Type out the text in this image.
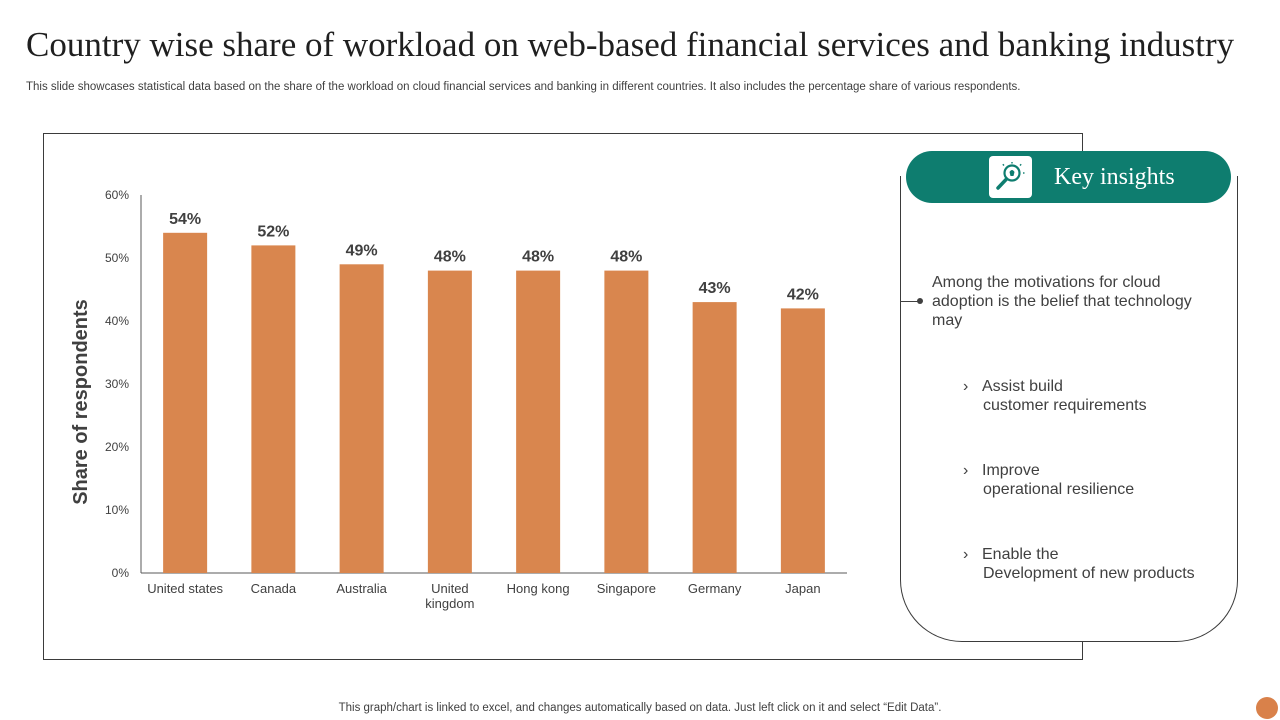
Country wise share of workload on web-based financial services and banking industry

This slide showcases statistical data based on the share of the workload on cloud financial services and banking in different countries. It also includes the percentage share of various respondents.

0%
10%
20%
30%
40%
50%
60%
Share of respondents
54%
United states
52%
Canada
49%
Australia
48%
United
kingdom
48%
Hong kong
48%
Singapore
43%
Germany
42%
Japan
Key insights

Among the motivations for cloud adoption is the belief that technology may

› Assist build
customer requirements
› Improve
operational resilience
› Enable the
Development of new products
This graph/chart is linked to excel, and changes automatically based on data. Just left click on it and select “Edit Data”.
